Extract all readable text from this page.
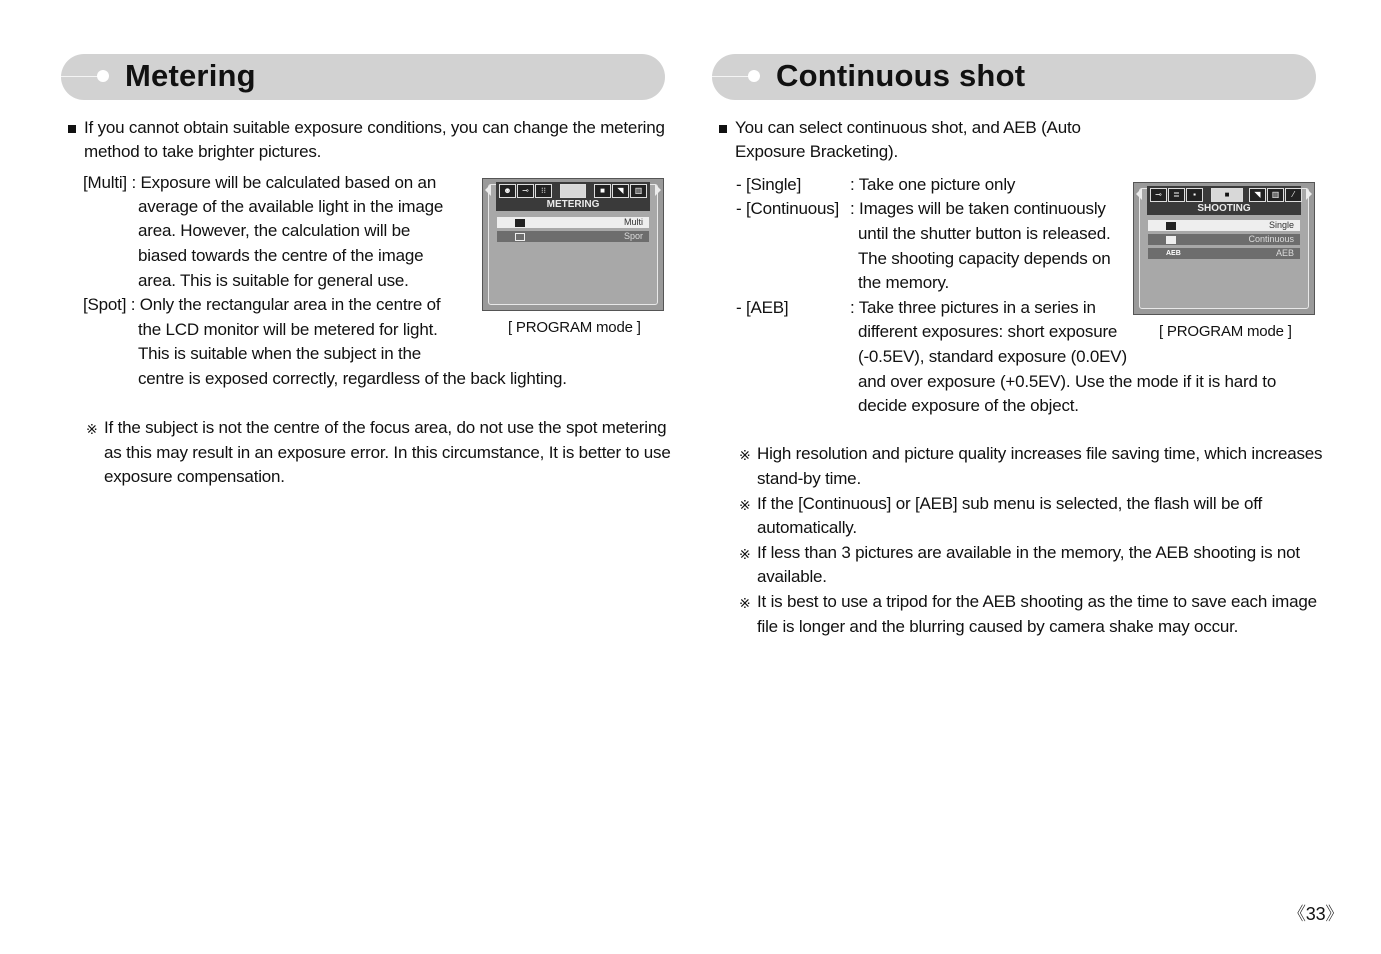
Metering
If you cannot obtain suitable exposure conditions, you can change the metering
method to take brighter pictures.
[Multi] : Exposure will be calculated based on an
average of the available light in the image
area. However, the calculation will be
biased towards the centre of the image
area. This is suitable for general use.
[Spot] : Only the rectangular area in the centre of
the LCD monitor will be metered for light.
This is suitable when the subject in the
centre is exposed correctly, regardless of the back lighting.
※ If the subject is not the centre of the focus area, do not use the spot metering
as this may result in an exposure error. In this circumstance, It is better to use
exposure compensation.
☻	⊸	⁝⁝	■	◥	▥
METERING
Multi
Spor
[ PROGRAM mode ]
Continuous shot
You can select continuous shot, and AEB (Auto
Exposure Bracketing).
- [Single]	: Take one picture only
- [Continuous] : Images will be taken continuously
until the shutter button is released.
The shooting capacity depends on
the memory.
- [AEB]	: Take three pictures in a series in
different exposures: short exposure
(-0.5EV), standard exposure (0.0EV)
and over exposure (+0.5EV). Use the mode if it is hard to
decide exposure of the object.
※ High resolution and picture quality increases file saving time, which increases
stand-by time.
※ If the [Continuous] or [AEB] sub menu is selected, the flash will be off
automatically.
※ If less than 3 pictures are available in the memory, the AEB shooting is not
available.
※ It is best to use a tripod for the AEB shooting as the time to save each image
file is longer and the blurring caused by camera shake may occur.
⊸	≣	▪	■	◥	▥	⁄
SHOOTING
Single
Continuous
AEB	AEB
[ PROGRAM mode ]
《33》
